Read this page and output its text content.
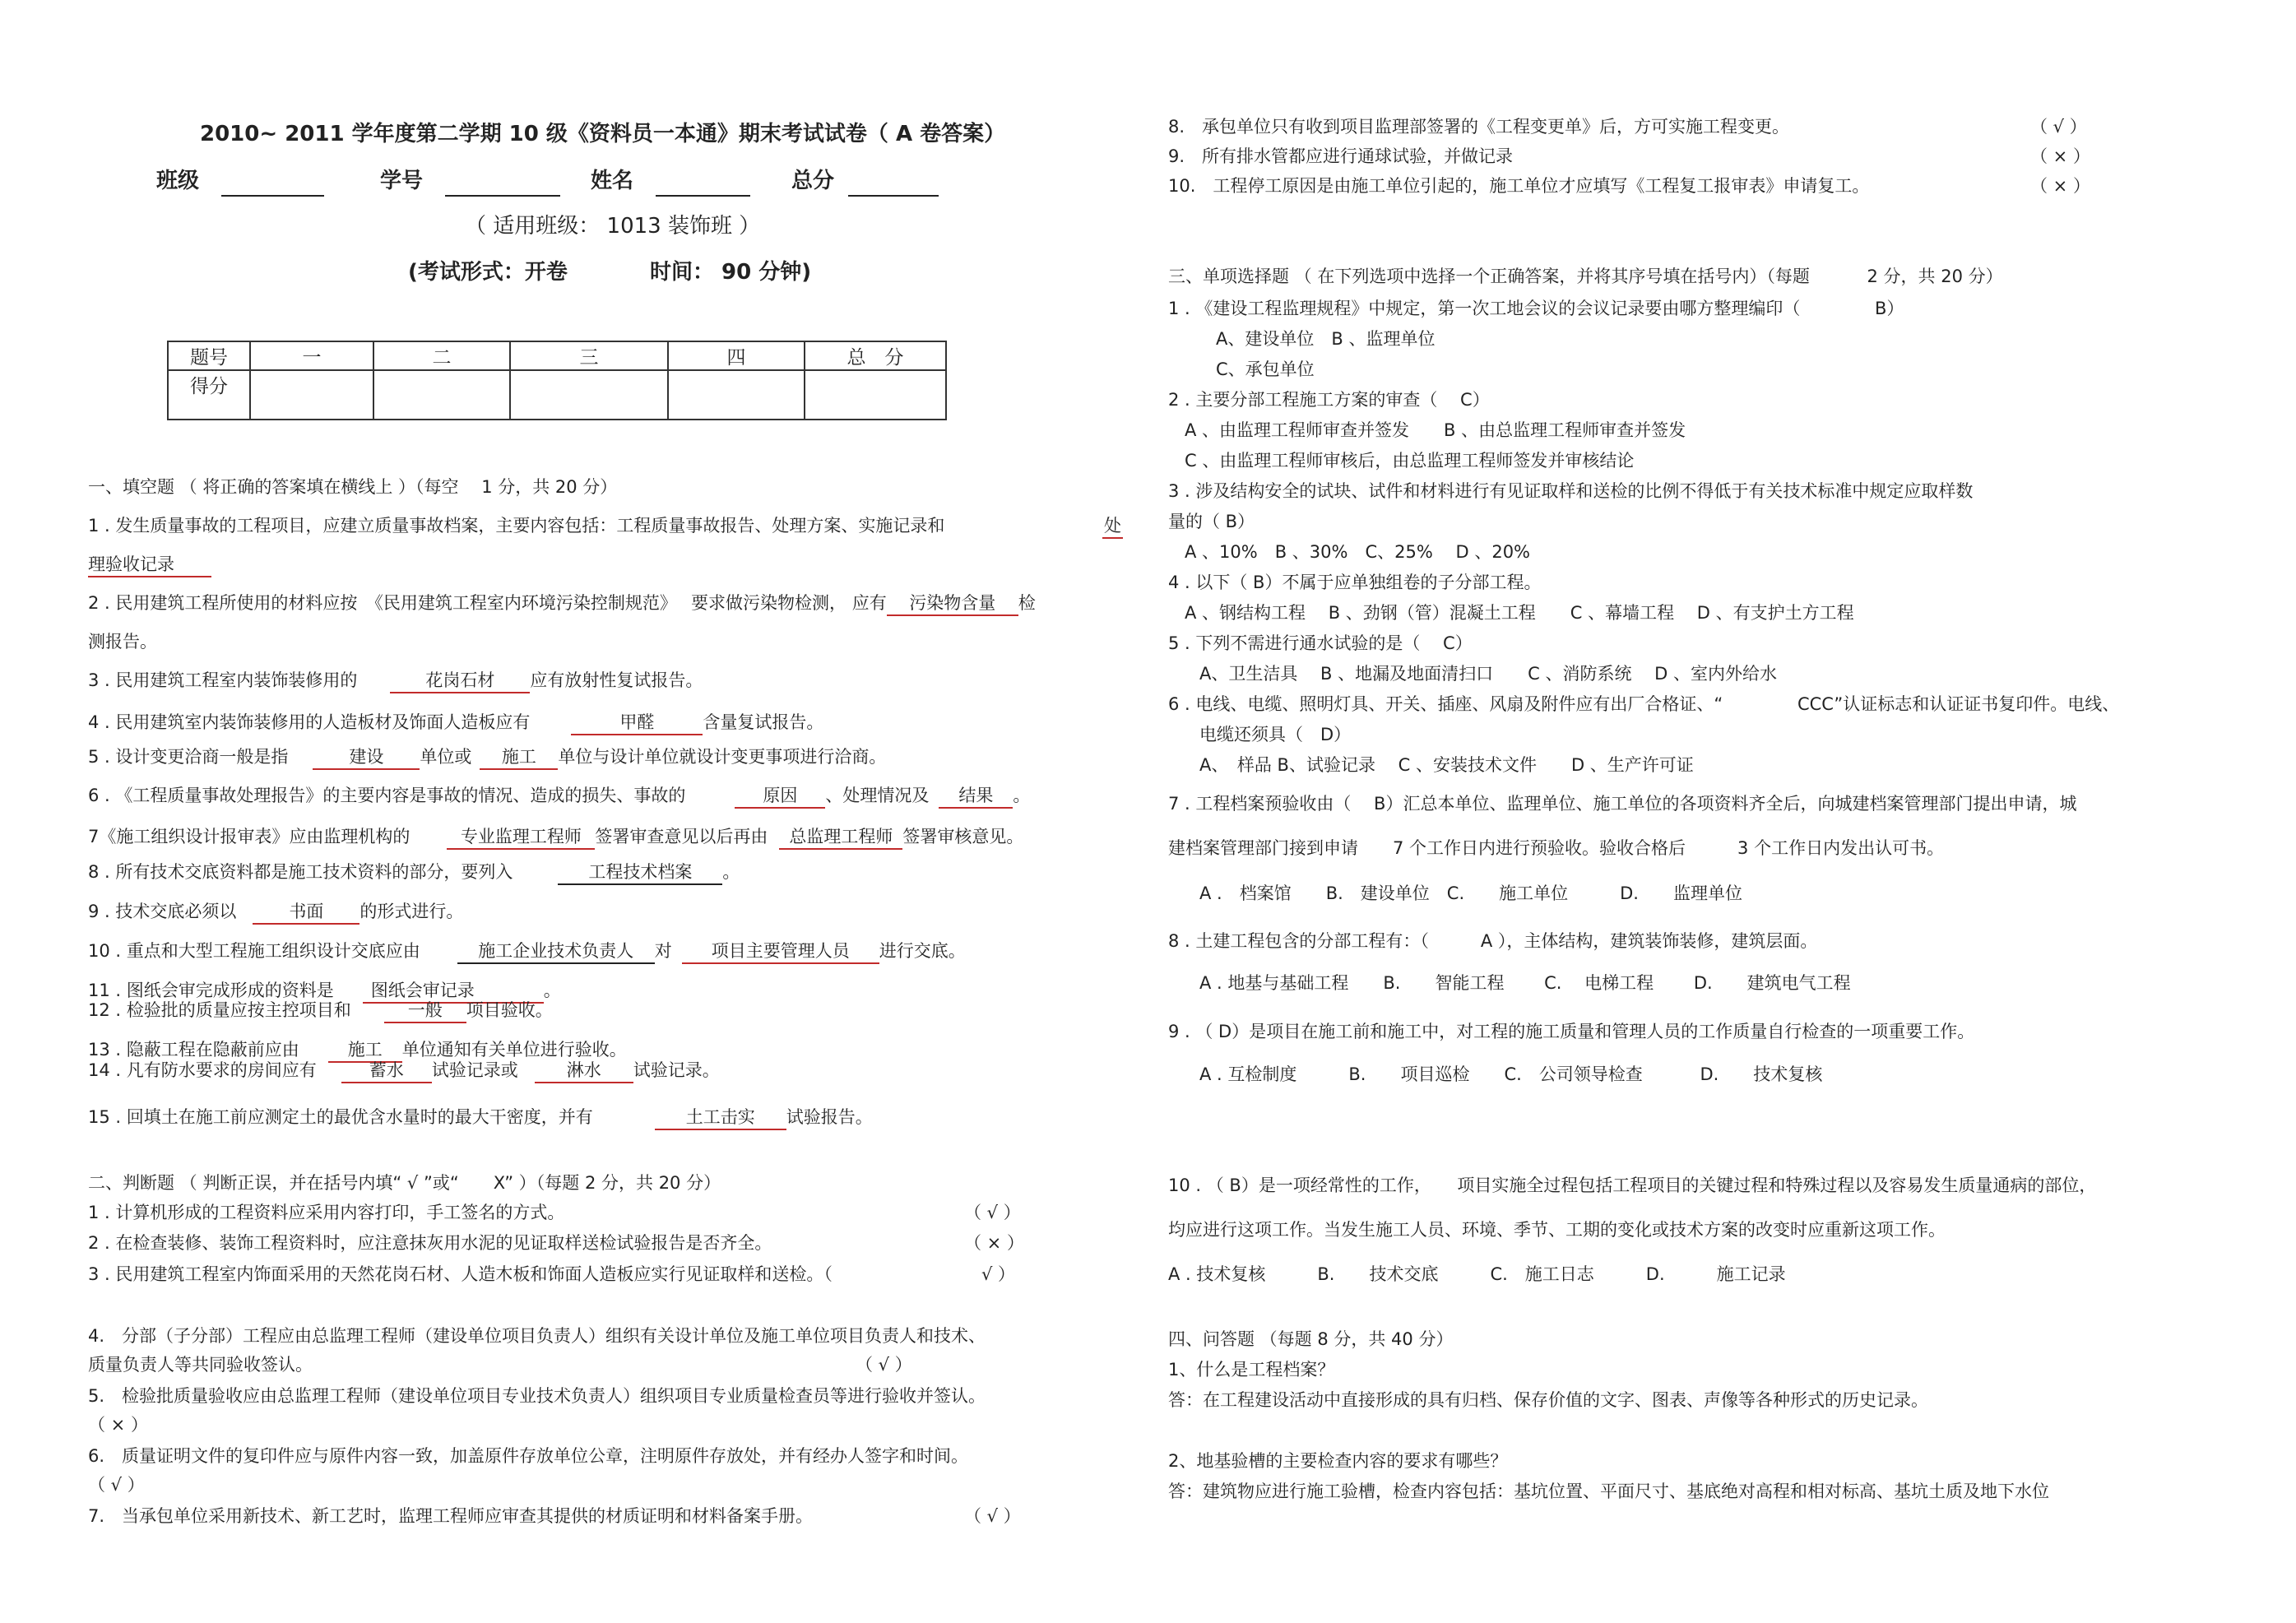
2010~ 2011 学年度第二学期 10 级《资料员一本通》期末考试试卷（ A 卷答案）
班级	学号	姓名	总分
（ 适用班级： 1013 装饰班 ）
(考试形式：开卷	时间： 90 分钟)
题号	一	二	三	四	总　分
得分					
一、填空题 （ 将正确的答案填在横线上 ）（每空　 1 分，共 20 分）
1 . 发生质量事故的工程项目，应建立质量事故档案，主要内容包括：工程质量事故报告、处理方案、实施记录和	处
理验收记录
2 . 民用建筑工程所使用的材料应按　《民用建筑工程室内环境污染控制规范》　 要求做污染物检测， 应有 污染物含量 检
测报告。
3 . 民用建筑工程室内装饰装修用的	花岗石材 应有放射性复试报告。
4 . 民用建筑室内装饰装修用的人造板材及饰面人造板应有	甲醛	含量复试报告。
5 . 设计变更洽商一般是指	建设 单位或 施工 单位与设计单位就设计变更事项进行洽商。
6 . 《工程质量事故处理报告》的主要内容是事故的情况、造成的损失、事故的	原因 、处理情况及 结果 。
7《施工组织设计报审表》应由监理机构的	专业监理工程师 签署审查意见以后再由 总监理工程师 签署审核意见。
8 . 所有技术交底资料都是施工技术资料的部分，要列入	工程技术档案 。
9 . 技术交底必须以	书面 的形式进行。
10 . 重点和大型工程施工组织设计交底应由	施工企业技术负责人 对 项目主要管理人员 进行交底。
11 . 图纸会审完成形成的资料是 图纸会审记录	。
12 . 检验批的质量应按主控项目和	一般 项目验收。
13 . 隐蔽工程在隐蔽前应由	施工 单位通知有关单位进行验收。
14 . 凡有防水要求的房间应有	蓄水 试验记录或	淋水 试验记录。
15 . 回填土在施工前应测定土的最优含水量时的最大干密度，并有	土工击实 试验报告。
二、判断题 （ 判断正误，并在括号内填“ √ ”或“　　X” ）（每题 2 分，共 20 分）
1 . 计算机形成的工程资料应采用内容打印，手工签名的方式。	（ √ ）
2 . 在检查装修、装饰工程资料时，应注意抹灰用水泥的见证取样送检试验报告是否齐全。	（ × ）
3 . 民用建筑工程室内饰面采用的天然花岗石材、人造木板和饰面人造板应实行见证取样和送检。（	√ ）
4.　分部（子分部）工程应由总监理工程师（建设单位项目负责人）组织有关设计单位及施工单位项目负责人和技术、
质量负责人等共同验收签认。	（ √ ）
5.　检验批质量验收应由总监理工程师（建设单位项目专业技术负责人）组织项目专业质量检查员等进行验收并签认。
（ × ）
6.　质量证明文件的复印件应与原件内容一致，加盖原件存放单位公章，注明原件存放处，并有经办人签字和时间。
（ √ ）
7.　当承包单位采用新技术、新工艺时，监理工程师应审查其提供的材质证明和材料备案手册。	（ √ ）
8.　承包单位只有收到项目监理部签署的《工程变更单》后，方可实施工程变更。	（ √ ）
9.　所有排水管都应进行通球试验，并做记录	（ × ）
10.　工程停工原因是由施工单位引起的，施工单位才应填写《工程复工报审表》申请复工。	（ × ）
三、单项选择题 （ 在下列选项中选择一个正确答案，并将其序号填在括号内）（每题　　　 2 分，共 20 分）
1 . 《建设工程监理规程》中规定，第一次工地会议的会议记录要由哪方整理编印（　　　　 B）
A、建设单位　B 、监理单位
C、承包单位
2 . 主要分部工程施工方案的审查（　 C）
A 、由监理工程师审查并签发　　B 、由总监理工程师审查并签发
C 、由监理工程师审核后，由总监理工程师签发并审核结论
3 . 涉及结构安全的试块、试件和材料进行有见证取样和送检的比例不得低于有关技术标准中规定应取样数
量的（ B）
A 、10%　B 、30%　C、25%　 D 、20%
4 . 以下（ B）不属于应单独组卷的子分部工程。
A 、钢结构工程　 B 、劲钢（管）混凝土工程　　C 、幕墙工程　 D 、有支护土方工程
5 . 下列不需进行通水试验的是（　 C）
A、卫生洁具　 B 、地漏及地面清扫口　　C 、消防系统　 D 、室内外给水
6 . 电线、电缆、照明灯具、开关、插座、风扇及附件应有出厂合格证、“　　　　 CCC”认证标志和认证证书复印件。电线、
电缆还须具（　D）
A、　样品 B、试验记录　 C 、安装技术文件　　D 、生产许可证
7 . 工程档案预验收由（　 B）汇总本单位、监理单位、施工单位的各项资料齐全后，向城建档案管理部门提出申请，城
建档案管理部门接到申请　　7 个工作日内进行预验收。验收合格后　　　3 个工作日内发出认可书。
A .　档案馆　　B.　建设单位　C.　　施工单位　　　D.　　监理单位
8 . 土建工程包含的分部工程有：（　　　A ），主体结构，建筑装饰装修，建筑层面。
A . 地基与基础工程　　B.　　智能工程　　 C.　 电梯工程　　 D.　　建筑电气工程
9 . （ D）是项目在施工前和施工中，对工程的施工质量和管理人员的工作质量自行检查的一项重要工作。
A . 互检制度　　　B.　　项目巡检　　C.　公司领导检查　　　 D.　　技术复核
10 . （ B）是一项经常性的工作，　　项目实施全过程包括工程项目的关键过程和特殊过程以及容易发生质量通病的部位，
均应进行这项工作。当发生施工人员、环境、季节、工期的变化或技术方案的改变时应重新这项工作。
A . 技术复核　　　B.　　技术交底　　　C.　施工日志　　　D.　　　施工记录
四、问答题 （每题 8 分，共 40 分）
1、什么是工程档案？
答：在工程建设活动中直接形成的具有归档、保存价值的文字、图表、声像等各种形式的历史记录。
2、地基验槽的主要检查内容的要求有哪些？
答：建筑物应进行施工验槽，检查内容包括：基坑位置、平面尺寸、基底绝对高程和相对标高、基坑土质及地下水位
